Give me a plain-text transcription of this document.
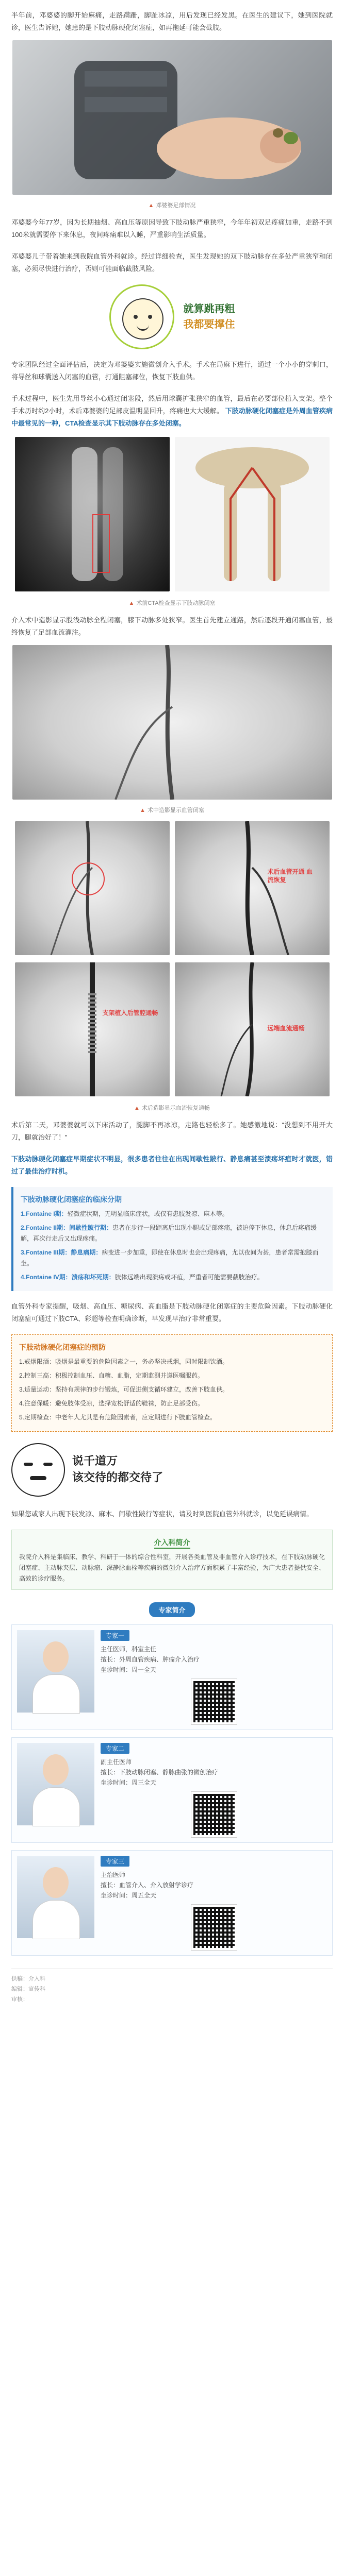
半年前，邓婆婆的脚开始麻痛，走路蹒跚，脚趾冰凉，用后发现已经发黑。在医生的建议下，她到医院就诊，医生告诉她，她患的是下肢动脉硬化闭塞症，如再拖延可能会截肢。

▲ 邓婆婆足部情况

邓婆婆今年77岁，因为长期抽烟、高血压等原因导致下肢动脉严重狭窄，今年年初双足疼痛加重，走路不到100米就需要停下来休息，夜间疼痛难以入睡，严重影响生活质量。

邓婆婆儿子带着她来到我院血管外科就诊。经过详细检查，医生发现她的双下肢动脉存在多处严重狭窄和闭塞，必须尽快进行治疗，否则可能面临截肢风险。

就算跳再粗
我都要撑住

专家团队经过全面评估后，决定为邓婆婆实施微创介入手术。手术在局麻下进行，通过一个小小的穿刺口，将导丝和球囊送入闭塞的血管，打通阻塞部位，恢复下肢血供。

手术过程中，医生先用导丝小心通过闭塞段，然后用球囊扩张狭窄的血管，最后在必要部位植入支架。整个手术历时约2小时，术后邓婆婆的足部皮温明显回升，疼痛也大大缓解。 下肢动脉硬化闭塞症是外周血管疾病中最常见的一种，CTA检查显示其下肢动脉存在多处闭塞。

▲ 术前CTA检查显示下肢动脉闭塞

介入术中造影显示股浅动脉全程闭塞，膝下动脉多处狭窄。医生首先建立通路，然后逐段开通闭塞血管，最终恢复了足部血流灌注。

▲ 术中造影显示血管闭塞
术后血管开通 血流恢复
支架植入后管腔通畅
远端血流通畅
▲ 术后造影显示血流恢复通畅

术后第二天，邓婆婆就可以下床活动了，腿脚不再冰凉，走路也轻松多了。她感激地说：“没想到不用开大刀，腿就治好了！”

下肢动脉硬化闭塞症早期症状不明显，很多患者往往在出现间歇性跛行、静息痛甚至溃疡坏疽时才就医，错过了最佳治疗时机。

下肢动脉硬化闭塞症的临床分期
1.Fontaine I期：轻微症状期，无明显临床症状，或仅有患肢发凉、麻木等。
2.Fontaine II期：间歇性跛行期：患者在步行一段距离后出现小腿或足部疼痛，被迫停下休息，休息后疼痛缓解，再次行走后又出现疼痛。
3.Fontaine III期：静息痛期：病变进一步加重，即使在休息时也会出现疼痛，尤以夜间为甚，患者常需抱膝而坐。
4.Fontaine IV期：溃疡和坏死期：肢体远端出现溃疡或坏疽，严重者可能需要截肢治疗。

血管外科专家提醒，吸烟、高血压、糖尿病、高血脂是下肢动脉硬化闭塞症的主要危险因素。下肢动脉硬化闭塞症可通过下肢CTA、彩超等检查明确诊断，早发现早治疗非常重要。

下肢动脉硬化闭塞症的预防
1.戒烟限酒：吸烟是最重要的危险因素之一，务必坚决戒烟，同时限制饮酒。
2.控制三高：积极控制血压、血糖、血脂，定期监测并遵医嘱服药。
3.适量运动：坚持有规律的步行锻炼，可促进侧支循环建立，改善下肢血供。
4.注意保暖：避免肢体受凉，选择宽松舒适的鞋袜，防止足部受伤。
5.定期检查：中老年人尤其是有危险因素者，应定期进行下肢血管检查。
说千道万
该交待的都交待了

如果您或家人出现下肢发凉、麻木、间歇性跛行等症状，请及时到医院血管外科就诊，以免延误病情。

介入科简介
我院介入科是集临床、教学、科研于一体的综合性科室，开展各类血管及非血管介入诊疗技术，在下肢动脉硬化闭塞症、主动脉夹层、动脉瘤、深静脉血栓等疾病的微创介入治疗方面积累了丰富经验，为广大患者提供安全、高效的诊疗服务。
专家简介
专家一
主任医师，科室主任
擅长：外周血管疾病、肿瘤介入治疗
坐诊时间：周一全天
专家二
副主任医师
擅长：下肢动脉闭塞、静脉曲张的微创治疗
坐诊时间：周三全天
专家三
主治医师
擅长：血管介入、介入放射学诊疗
坐诊时间：周五全天
供稿：介入科
编辑：宣传科
审核：
